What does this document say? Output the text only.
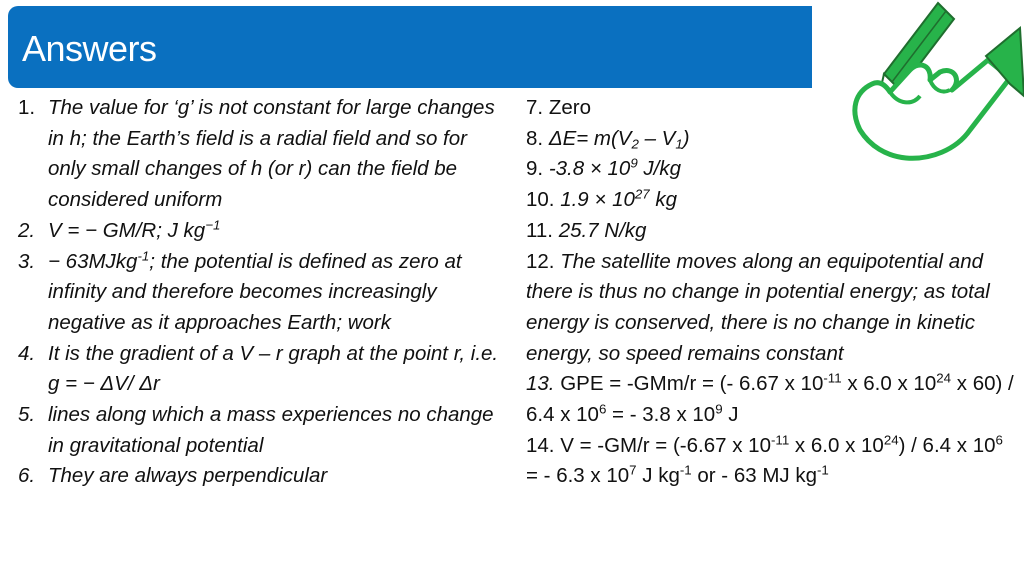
Answers
1. The value for ‘g’ is not constant for large changes in h; the Earth’s field is a radial field and so for only small changes of h (or r) can the field be considered uniform
2. V = − GM/R; J $kg^{-1}$
3. − 63MJkg$^{-1}$; the potential is defined as zero at infinity and therefore becomes increasingly negative as it approaches Earth; work
4. It is the gradient of a V – r graph at the point r, i.e. g = − ΔV/ Δr
5. lines along which a mass experiences no change in gravitational potential
6. They are always perpendicular
7. Zero
8. $\Delta E= m(V_2 - V_1)$
9. $-3.8 \times 10^9$ J/kg
10. $1.9 \times 10^{27}$ kg
11. 25.7 N/kg
12. The satellite moves along an equipotential and there is thus no change in potential energy; as total energy is conserved, there is no change in kinetic energy, so speed remains constant
13. GPE = -GMm/r = (- 6.67 x $10^{-11}$ x 6.0 x $10^{24}$ x 60) / 6.4 x $10^6$ = - 3.8 x $10^9$ J
14. V = -GM/r = (-6.67 x $10^{-11}$ x 6.0 x $10^{24}) / 6.4$ x $10^6$ = - 6.3 x $10^7$ J $kg^{-1}$ or - 63 MJ $kg^{-1}$
